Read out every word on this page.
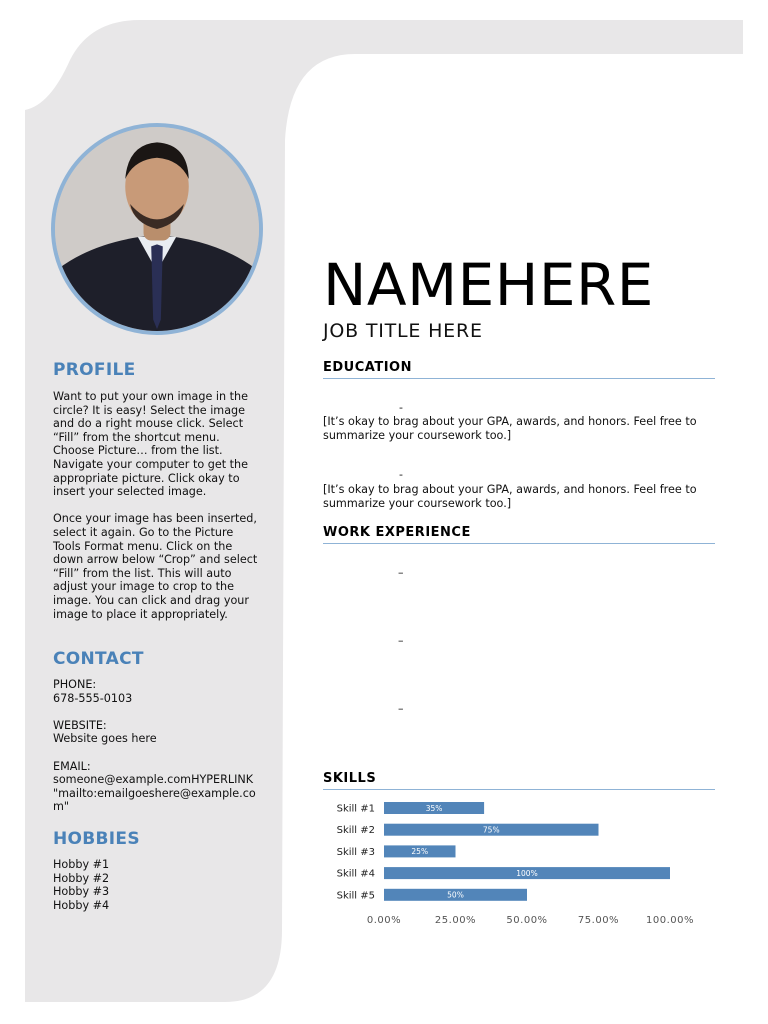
PROFILE

Want to put your own image in the

circle? It is easy! Select the image

and do a right mouse click. Select

“Fill” from the shortcut menu.

Choose Picture… from the list.

Navigate your computer to get the

appropriate picture. Click okay to

insert your selected image.

Once your image has been inserted,

select it again. Go to the Picture

Tools Format menu. Click on the

down arrow below “Crop” and select

“Fill” from the list. This will auto

adjust your image to crop to the

image. You can click and drag your

image to place it appropriately.

CONTACT

PHONE:

678-555-0103

WEBSITE:

Website goes here

EMAIL:

someone@example.comHYPERLINK

"mailto:emailgoeshere@example.co

m"

HOBBIES

Hobby #1

Hobby #2

Hobby #3

Hobby #4

NAMEHERE
JOB TITLE HERE
EDUCATION
-
[It’s okay to brag about your GPA, awards, and honors. Feel free to summarize your coursework too.]
-
[It’s okay to brag about your GPA, awards, and honors. Feel free to summarize your coursework too.]
WORK EXPERIENCE
–
–
–
SKILLS
Skill #1	35%
Skill #2	75%
Skill #3	25%
Skill #4	100%
Skill #5	50%
0.00%	25.00%	50.00%	75.00%	100.00%
